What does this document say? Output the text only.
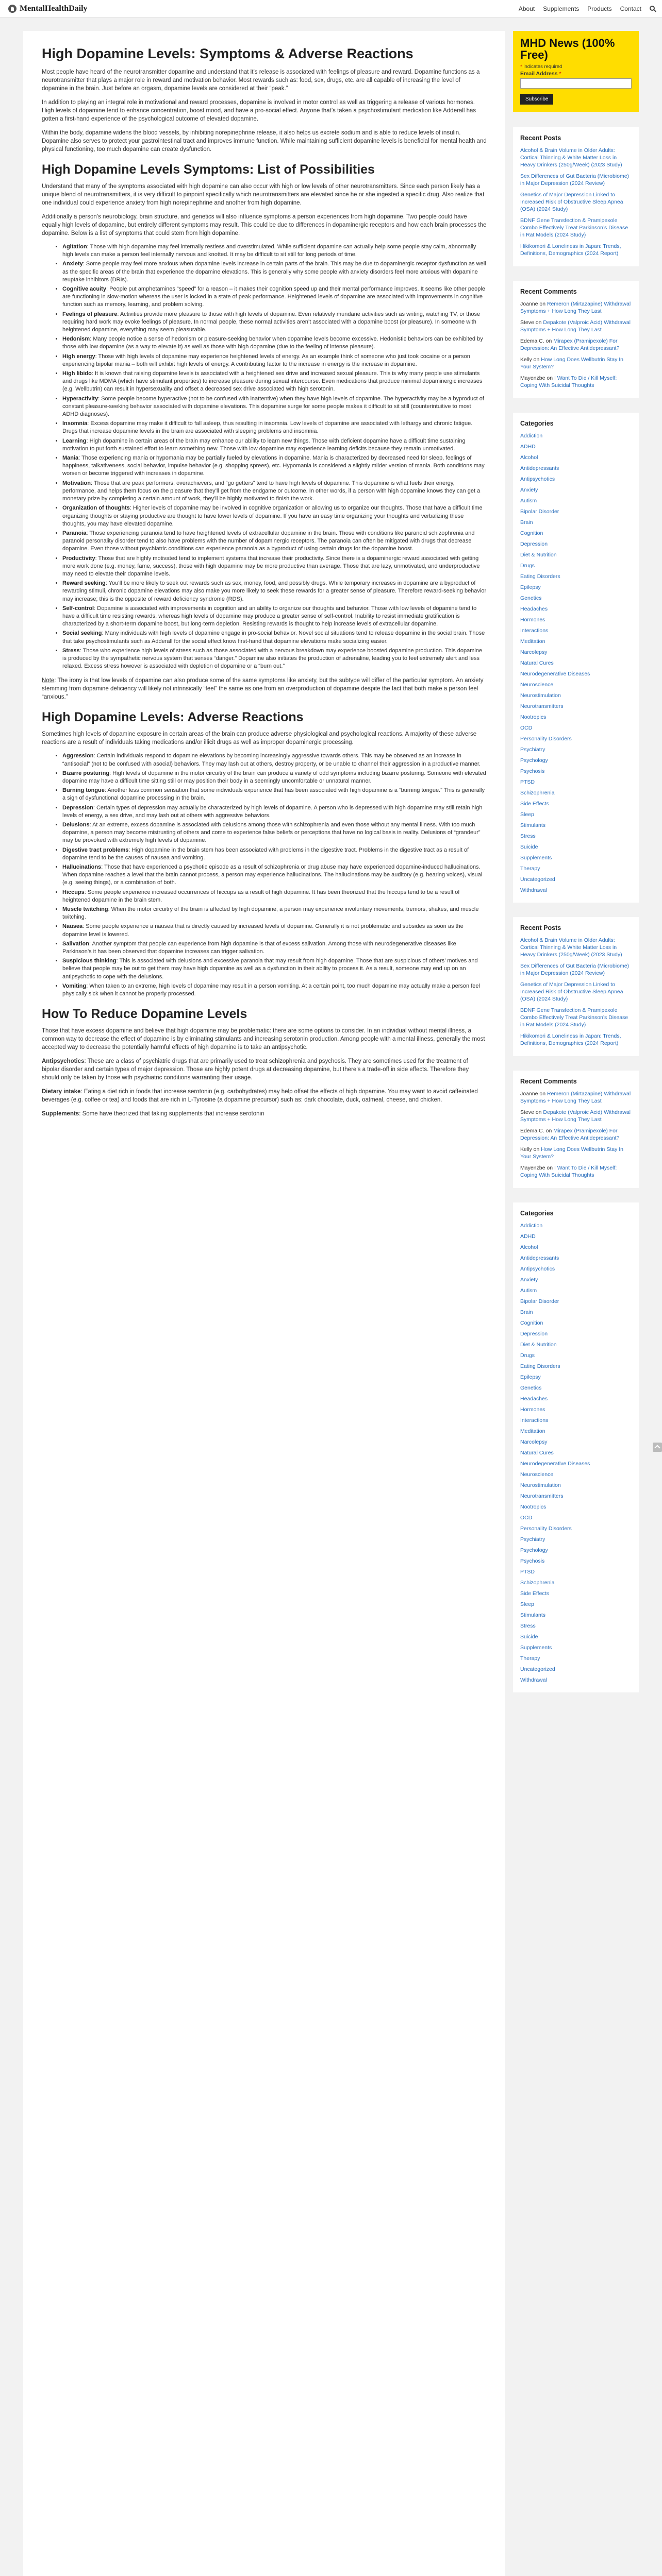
MentalHealthDaily	About Supplements Products Contact
High Dopamine Levels: Symptoms & Adverse Reactions

Most people have heard of the neurotransmitter dopamine and understand that it’s release is associated with feelings of pleasure and reward. Dopamine functions as a neurotransmitter that plays a major role in reward and motivation behavior. Most rewards such as: food, sex, drugs, etc. are all capable of increasing the level of dopamine in the brain. Just before an orgasm, dopamine levels are considered at their “peak.”

In addition to playing an integral role in motivational and reward processes, dopamine is involved in motor control as well as triggering a release of various hormones. High levels of dopamine tend to enhance concentration, boost mood, and have a pro-social effect. Anyone that’s taken a psychostimulant medication like Adderall has gotten a first-hand experience of the psychological outcome of elevated dopamine.

Within the body, dopamine widens the blood vessels, by inhibiting norepinephrine release, it also helps us excrete sodium and is able to reduce levels of insulin. Dopamine also serves to protect your gastrointestinal tract and improves immune function. While maintaining sufficient dopamine levels is beneficial for mental health and physical functioning, too much dopamine can create dysfunction.

High Dopamine Levels Symptoms: List of Possibilities

Understand that many of the symptoms associated with high dopamine can also occur with high or low levels of other neurotransmitters. Since each person likely has a unique blend of neurotransmitters, it is very difficult to pinpoint specifically which neurotransmitters are elevated since he or she ingested a specific drug. Also realize that one individual could experience anxiety from high norepinephrine and another from high dopamine.

Additionally a person’s neurobiology, brain structure, and genetics will also influence symptoms a person experiences from high dopamine. Two people could have equally high levels of dopamine, but entirely different symptoms may result. This could be due to differences in dopaminergic receptors and how each brain processes the dopamine. Below is a list of symptoms that could stem from high dopamine.

• Agitation: Those with high dopamine may feel internally restless and overstimulated. While sufficient dopamine can actually help some people stay calm, abnormally high levels can make a person feel internally nervous and knotted. It may be difficult to sit still for long periods of time.
• Anxiety: Some people may feel more anxious when dopamine levels increase in certain parts of the brain. This may be due to dopaminergic receptor dysfunction as well as the specific areas of the brain that experience the dopamine elevations. This is generally why some people with anxiety disorders feel more anxious with dopamine reuptake inhibitors (DRIs).
• Cognitive acuity: People put amphetamines “speed” for a reason – it makes their cognition speed up and their mental performance improves. It seems like other people are functioning in slow-motion whereas the user is locked in a state of peak performance. Heightened levels of dopamine are associated with improvements in cognitive function such as memory, learning, and problem solving.
• Feelings of pleasure: Activities provide more pleasure to those with high levels of dopamine. Even relatively mundane activities such as writing, watching TV, or those requiring hard work may evoke feelings of pleasure. In normal people, these normal activities aren’t associated with a dopamine boost (or pleasure). In someone with heightened dopamine, everything may seem pleasurable.
• Hedonism: Many people notice a sense of hedonism or pleasure-seeking behavior when dopamine levels become excessive. Hedonistic behaviors can be exhibited by those with low dopamine (as a way to elevate it) as well as those with high dopamine (due to the feeling of intense pleasure).
• High energy: Those with high levels of dopamine may experience heightened levels of energy. As an example think of someone who just took cocaine or a person experiencing bipolar mania – both will exhibit high levels of energy. A contributing factor to the increase in energy is the increase in dopamine.
• High libido: It is known that raising dopamine levels is associated with a heightened sex drive and increased sexual pleasure. This is why many people use stimulants and drugs like MDMA (which have stimulant properties) to increase pleasure during sexual intercourse. Even medications that produce minimal dopaminergic increases (e.g. Wellbutrin) can result in hypersexuality and offset a decreased sex drive associated with high serotonin.
• Hyperactivity: Some people become hyperactive (not to be confused with inattentive) when they have high levels of dopamine. The hyperactivity may be a byproduct of constant pleasure-seeking behavior associated with dopamine elevations. This dopamine surge for some people makes it difficult to sit still (counterintuitive to most ADHD diagnoses).
• Insomnia: Excess dopamine may make it difficult to fall asleep, thus resulting in insomnia. Low levels of dopamine are associated with lethargy and chronic fatigue. Drugs that increase dopamine levels in the brain are associated with sleeping problems and insomnia.
• Learning: High dopamine in certain areas of the brain may enhance our ability to learn new things. Those with deficient dopamine have a difficult time sustaining motivation to put forth sustained effort to learn something new. Those with low dopamine may experience learning deficits because they remain unmotivated.
• Mania: Those experiencing mania or hypomania may be partially fueled by elevations in dopamine. Mania is characterized by decreased need for sleep, feelings of happiness, talkativeness, social behavior, impulse behavior (e.g. shopping sprees), etc. Hypomania is considered a slightly milder version of mania. Both conditions may worsen or become triggered with increases in dopamine.
• Motivation: Those that are peak performers, overachievers, and “go getters” tend to have high levels of dopamine. This dopamine is what fuels their energy, performance, and helps them focus on the pleasure that they’ll get from the endgame or outcome. In other words, if a person with high dopamine knows they can get a monetary prize by completing a certain amount of work, they’ll be highly motivated to finish the work.
• Organization of thoughts: Higher levels of dopamine may be involved in cognitive organization or allowing us to organize our thoughts. Those that have a difficult time organizing thoughts or staying productive are thought to have lower levels of dopamine. If you have an easy time organizing your thoughts and verbalizing these thoughts, you may have elevated dopamine.
• Paranoia: Those experiencing paranoia tend to have heightened levels of extracellular dopamine in the brain. Those with conditions like paranoid schizophrenia and paranoid personality disorder tend to also have problems with the number of dopaminergic receptors. The paranoia can often be mitigated with drugs that decrease dopamine. Even those without psychiatric conditions can experience paranoia as a byproduct of using certain drugs for the dopamine boost.
• Productivity: Those that are highly motivated tend to implement systems that increase their productivity. Since there is a dopaminergic reward associated with getting more work done (e.g. money, fame, success), those with high dopamine may be more productive than average. Those that are lazy, unmotivated, and underproductive may need to elevate their dopamine levels.
• Reward seeking: You’ll be more likely to seek out rewards such as sex, money, food, and possibly drugs. While temporary increases in dopamine are a byproduct of rewarding stimuli, chronic dopamine elevations may also make you more likely to seek these rewards for a greater sense of pleasure. Therefore reward-seeking behavior may increase; this is the opposite of reward deficiency syndrome (RDS).
• Self-control: Dopamine is associated with improvements in cognition and an ability to organize our thoughts and behavior. Those with low levels of dopamine tend to have a difficult time resisting rewards, whereas high levels of dopamine may produce a greater sense of self-control. Inability to resist immediate gratification is characterized by a short-term dopamine boost, but long-term depletion. Resisting rewards is thought to help increase levels of extracellular dopamine.
• Social seeking: Many individuals with high levels of dopamine engage in pro-social behavior. Novel social situations tend to release dopamine in the social brain. Those that take psychostimulants such as Adderall for the social effect know first-hand that dopamine elevations make socializing easier.
• Stress: Those who experience high levels of stress such as those associated with a nervous breakdown may experience boosted dopamine production. This dopamine is produced by the sympathetic nervous system that senses “danger.” Dopamine also initiates the production of adrenaline, leading you to feel extremely alert and less relaxed. Excess stress however is associated with depletion of dopamine or a “burn out.”

Note: The irony is that low levels of dopamine can also produce some of the same symptoms like anxiety, but the subtype will differ of the particular symptom. An anxiety stemming from dopamine deficiency will likely not intrinsically “feel” the same as one from an overproduction of dopamine despite the fact that both make a person feel “anxious.”

High Dopamine Levels: Adverse Reactions

Sometimes high levels of dopamine exposure in certain areas of the brain can produce adverse physiological and psychological reactions. A majority of these adverse reactions are a result of individuals taking medications and/or illicit drugs as well as improper dopaminergic processing.

• Aggression: Certain individuals respond to dopamine elevations by becoming increasingly aggressive towards others. This may be observed as an increase in “antisocial” (not to be confused with asocial) behaviors. They may lash out at others, destroy property, or be unable to channel their aggression in a productive manner.
• Bizarre posturing: High levels of dopamine in the motor circuitry of the brain can produce a variety of odd symptoms including bizarre posturing. Someone with elevated dopamine may have a difficult time sitting still or may position their body in a seemingly uncomfortable or unnatural manner.
• Burning tongue: Another less common sensation that some individuals experience that has been associated with high dopamine is a “burning tongue.” This is generally a sign of dysfunctional dopamine processing in the brain.
• Depression: Certain types of depression may actually be characterized by high levels of dopamine. A person who is depressed with high dopamine may still retain high levels of energy, a sex drive, and may lash out at others with aggressive behaviors.
• Delusions: At an extreme, excess dopamine is associated with delusions among those with schizophrenia and even those without any mental illness. With too much dopamine, a person may become mistrusting of others and come to experience false beliefs or perceptions that have no logical basis in reality. Delusions of “grandeur” may be provoked with extremely high levels of dopamine.
• Digestive tract problems: High dopamine in the brain stem has been associated with problems in the digestive tract. Problems in the digestive tract as a result of dopamine tend to be the causes of nausea and vomiting.
• Hallucinations: Those that have experienced a psychotic episode as a result of schizophrenia or drug abuse may have experienced dopamine-induced hallucinations. When dopamine reaches a level that the brain cannot process, a person may experience hallucinations. The hallucinations may be auditory (e.g. hearing voices), visual (e.g. seeing things), or a combination of both.
• Hiccups: Some people experience increased occurrences of hiccups as a result of high dopamine. It has been theorized that the hiccups tend to be a result of heightened dopamine in the brain stem.
• Muscle twitching: When the motor circuitry of the brain is affected by high dopamine, a person may experience involuntary movements, tremors, shakes, and muscle twitching.
• Nausea: Some people experience a nausea that is directly caused by increased levels of dopamine. Generally it is not problematic and subsides as soon as the dopamine level is lowered.
• Salivation: Another symptom that people can experience from high dopamine is that of excess salivation. Among those with neurodegenerative diseases like Parkinson’s it has been observed that dopamine increases can trigger salivation.
• Suspicious thinking: This is associated with delusions and excessive paranoia that may result from high dopamine. Those that are suspicious of others’ motives and believe that people may be out to get them may have high dopamine as well as a dysfunction in their ability to process it. As a result, someone may end up on an antipsychotic to cope with the delusions.
• Vomiting: When taken to an extreme, high levels of dopamine may result in a person vomiting. At a certain point, too much dopamine may actually make a person feel physically sick when it cannot be properly processed.
How To Reduce Dopamine Levels

Those that have excess dopamine and believe that high dopamine may be problematic: there are some options to consider. In an individual without mental illness, a common way to decrease the effect of dopamine is by eliminating stimulants and increasing serotonin production. Among people with a mental illness, generally the most accepted way to decrease the potentially harmful effects of high dopamine is to take an antipsychotic.

Antipsychotics: These are a class of psychiatric drugs that are primarily used to treat schizophrenia and psychosis. They are sometimes used for the treatment of bipolar disorder and certain types of major depression. Those are highly potent drugs at decreasing dopamine, but there’s a trade-off in side effects. Therefore they should only be taken by those with psychiatric conditions warranting their usage.

Dietary intake: Eating a diet rich in foods that increase serotonin (e.g. carbohydrates) may help offset the effects of high dopamine. You may want to avoid caffeinated beverages (e.g. coffee or tea) and foods that are rich in L-Tyrosine (a dopamine precursor) such as: dark chocolate, duck, oatmeal, cheese, and chicken.

Supplements: Some have theorized that taking supplements that increase serotonin

MHD News (100% Free)
* indicates required
Email Address *
Subscribe
Recent Posts
Alcohol & Brain Volume in Older Adults: Cortical Thinning & White Matter Loss in Heavy Drinkers (250g/Week) (2023 Study)
Sex Differences of Gut Bacteria (Microbiome) in Major Depression (2024 Review)
Genetics of Major Depression Linked to Increased Risk of Obstructive Sleep Apnea (OSA) (2024 Study)
BDNF Gene Transfection & Pramipexole Combo Effectively Treat Parkinson’s Disease in Rat Models (2024 Study)
Hikikomori & Loneliness in Japan: Trends, Definitions, Demographics (2024 Report)
Recent Comments
Joanne on Remeron (Mirtazapine) Withdrawal Symptoms + How Long They Last
Steve on Depakote (Valproic Acid) Withdrawal Symptoms + How Long They Last
Edema C. on Mirapex (Pramipexole) For Depression: An Effective Antidepressant?
Kelly on How Long Does Wellbutrin Stay In Your System?
Mayenzbe on I Want To Die / Kill Myself: Coping With Suicidal Thoughts
Categories
Addiction
ADHD
Alcohol
Antidepressants
Antipsychotics
Anxiety
Autism
Bipolar Disorder
Brain
Cognition
Depression
Diet & Nutrition
Drugs
Eating Disorders
Epilepsy
Genetics
Headaches
Hormones
Interactions
Meditation
Narcolepsy
Natural Cures
Neurodegenerative Diseases
Neuroscience
Neurostimulation
Neurotransmitters
Nootropics
OCD
Personality Disorders
Psychiatry
Psychology
Psychosis
PTSD
Schizophrenia
Side Effects
Sleep
Stimulants
Stress
Suicide
Supplements
Therapy
Uncategorized
Withdrawal
Recent Posts
Alcohol & Brain Volume in Older Adults: Cortical Thinning & White Matter Loss in Heavy Drinkers (250g/Week) (2023 Study)
Sex Differences of Gut Bacteria (Microbiome) in Major Depression (2024 Review)
Genetics of Major Depression Linked to Increased Risk of Obstructive Sleep Apnea (OSA) (2024 Study)
BDNF Gene Transfection & Pramipexole Combo Effectively Treat Parkinson’s Disease in Rat Models (2024 Study)
Hikikomori & Loneliness in Japan: Trends, Definitions, Demographics (2024 Report)
Recent Comments
Joanne on Remeron (Mirtazapine) Withdrawal Symptoms + How Long They Last
Steve on Depakote (Valproic Acid) Withdrawal Symptoms + How Long They Last
Edema C. on Mirapex (Pramipexole) For Depression: An Effective Antidepressant?
Kelly on How Long Does Wellbutrin Stay In Your System?
Mayenzbe on I Want To Die / Kill Myself: Coping With Suicidal Thoughts
Categories
Addiction
ADHD
Alcohol
Antidepressants
Antipsychotics
Anxiety
Autism
Bipolar Disorder
Brain
Cognition
Depression
Diet & Nutrition
Drugs
Eating Disorders
Epilepsy
Genetics
Headaches
Hormones
Interactions
Meditation
Narcolepsy
Natural Cures
Neurodegenerative Diseases
Neuroscience
Neurostimulation
Neurotransmitters
Nootropics
OCD
Personality Disorders
Psychiatry
Psychology
Psychosis
PTSD
Schizophrenia
Side Effects
Sleep
Stimulants
Stress
Suicide
Supplements
Therapy
Uncategorized
Withdrawal
